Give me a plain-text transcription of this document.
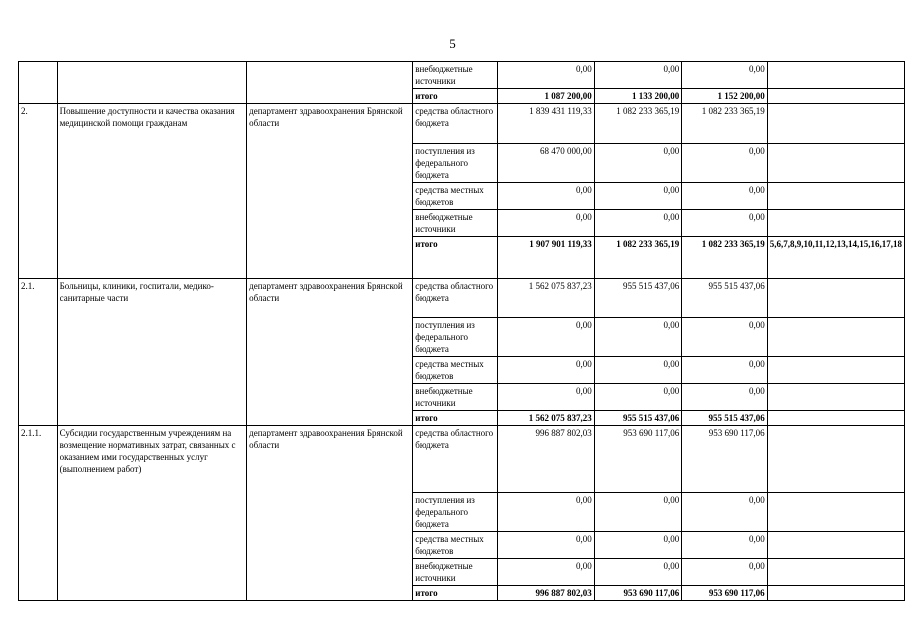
5
			внебюджетные источники	0,00	0,00	0,00	
			итого	1 087 200,00	1 133 200,00	1 152 200,00	
2.	Повышение доступности и качества оказания медицинской помощи гражданам	департамент здравоохранения Брянской области	средства областного бюджета	1 839 431 119,33	1 082 233 365,19	1 082 233 365,19	
			поступления из федерального бюджета	68 470 000,00	0,00	0,00	
			средства местных бюджетов	0,00	0,00	0,00	
			внебюджетные источники	0,00	0,00	0,00	
			итого	1 907 901 119,33	1 082 233 365,19	1 082 233 365,19	5,6,7,8,9,10,11,12,13,14,15,16,17,18
2.1.	Больницы, клиники, госпитали, медико-санитарные части	департамент здравоохранения Брянской области	средства областного бюджета	1 562 075 837,23	955 515 437,06	955 515 437,06	
			поступления из федерального бюджета	0,00	0,00	0,00	
			средства местных бюджетов	0,00	0,00	0,00	
			внебюджетные источники	0,00	0,00	0,00	
			итого	1 562 075 837,23	955 515 437,06	955 515 437,06	
2.1.1.	Субсидии государственным учреждениям на возмещение нормативных затрат, связанных с оказанием ими государственных услуг (выполнением работ)	департамент здравоохранения Брянской области	средства областного бюджета	996 887 802,03	953 690 117,06	953 690 117,06	
			поступления из федерального бюджета	0,00	0,00	0,00	
			средства местных бюджетов	0,00	0,00	0,00	
			внебюджетные источники	0,00	0,00	0,00	
			итого	996 887 802,03	953 690 117,06	953 690 117,06	
